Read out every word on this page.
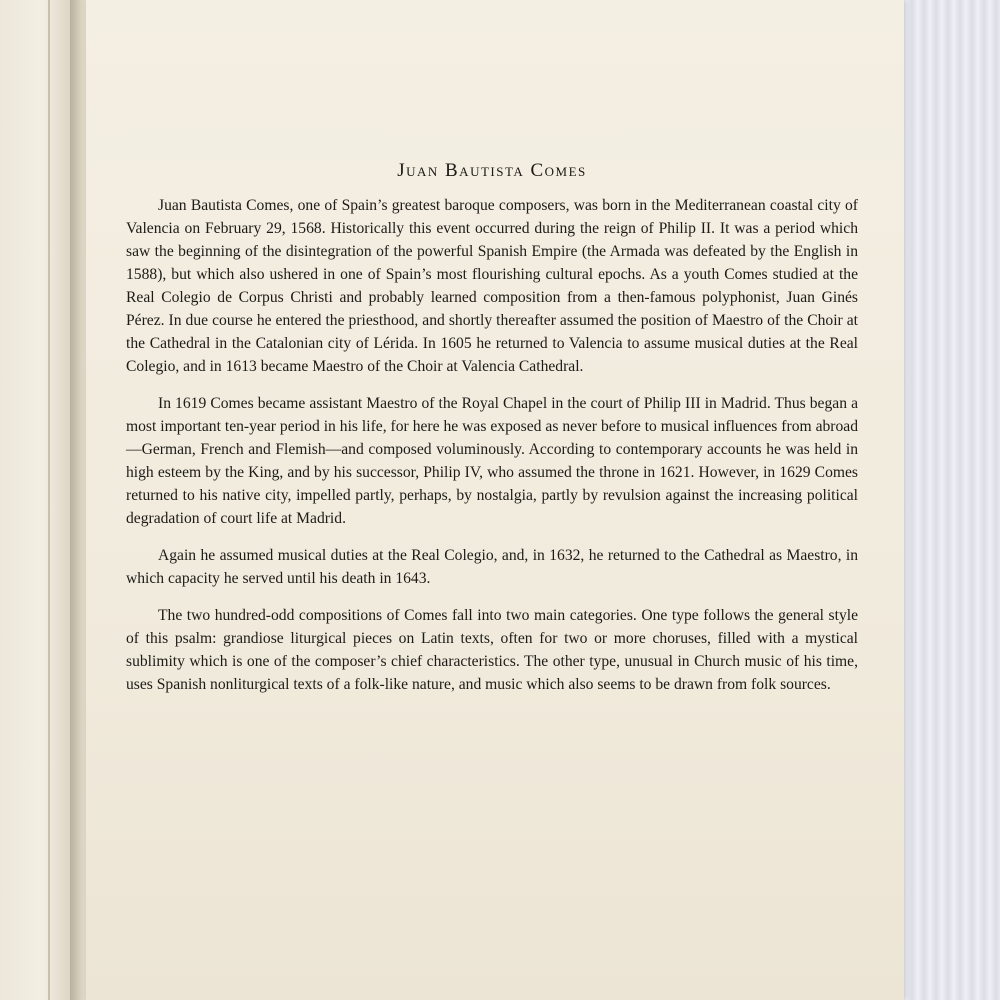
Juan Bautista Comes

Juan Bautista Comes, one of Spain’s greatest baroque composers, was born in the Mediterranean coastal city of Valencia on February 29, 1568. Historically this event occurred during the reign of Philip II. It was a period which saw the beginning of the disintegration of the powerful Spanish Empire (the Armada was defeated by the English in 1588), but which also ushered in one of Spain’s most flourishing cultural epochs. As a youth Comes studied at the Real Colegio de Corpus Christi and probably learned composition from a then-famous polyphonist, Juan Ginés Pérez. In due course he entered the priesthood, and shortly thereafter assumed the position of Maestro of the Choir at the Cathedral in the Catalonian city of Lérida. In 1605 he returned to Valencia to assume musical duties at the Real Colegio, and in 1613 became Maestro of the Choir at Valencia Cathedral.

In 1619 Comes became assistant Maestro of the Royal Chapel in the court of Philip III in Madrid. Thus began a most important ten-year period in his life, for here he was exposed as never before to musical influences from abroad—German, French and Flemish—and composed voluminously. According to contemporary accounts he was held in high esteem by the King, and by his successor, Philip IV, who assumed the throne in 1621. However, in 1629 Comes returned to his native city, impelled partly, perhaps, by nostalgia, partly by revulsion against the increasing political degradation of court life at Madrid.

Again he assumed musical duties at the Real Colegio, and, in 1632, he returned to the Cathedral as Maestro, in which capacity he served until his death in 1643.

The two hundred-odd compositions of Comes fall into two main categories. One type follows the general style of this psalm: grandiose liturgical pieces on Latin texts, often for two or more choruses, filled with a mystical sublimity which is one of the composer’s chief characteristics. The other type, unusual in Church music of his time, uses Spanish nonliturgical texts of a folk-like nature, and music which also seems to be drawn from folk sources.
